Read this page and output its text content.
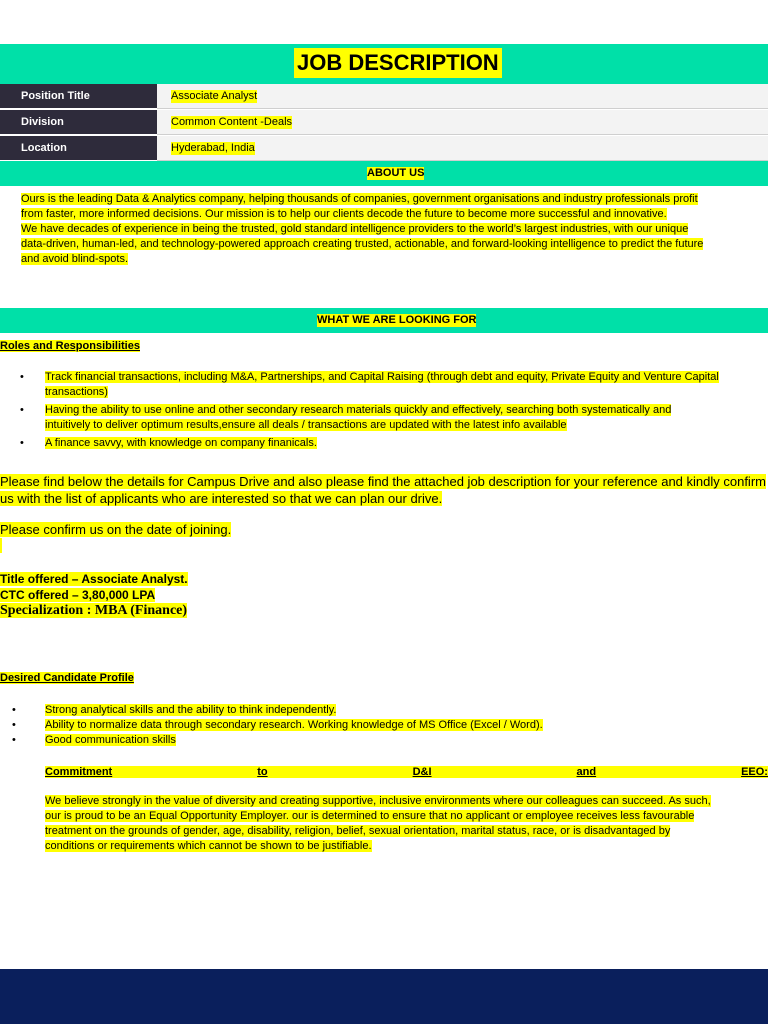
JOB DESCRIPTION
Position Title	Associate Analyst
Division	Common Content -Deals
Location	Hyderabad, India
ABOUT US
Ours is the leading Data & Analytics company, helping thousands of companies, government organisations and industry professionals profit
from faster, more informed decisions. Our mission is to help our clients decode the future to become more successful and innovative.
We have decades of experience in being the trusted, gold standard intelligence providers to the world’s largest industries, with our unique
data-driven, human-led, and technology-powered approach creating trusted, actionable, and forward-looking intelligence to predict the future
and avoid blind-spots.
WHAT WE ARE LOOKING FOR
Roles and Responsibilities
• Track financial transactions, including M&A, Partnerships, and Capital Raising (through debt and equity, Private Equity and Venture Capital
transactions)
• Having the ability to use online and other secondary research materials quickly and effectively, searching both systematically and
intuitively to deliver optimum results,ensure all deals / transactions are updated with the latest info available
• A finance savvy, with knowledge on company finanicals.
Please find below the details for Campus Drive and also please find the attached job description for your reference and kindly confirm
us with the list of applicants who are interested so that we can plan our drive.
Please confirm us on the date of joining.
Title offered – Associate Analyst.
CTC offered – 3,80,000 LPA
Specialization : MBA (Finance)
Desired Candidate Profile
•	Strong analytical skills and the ability to think independently.
•	Ability to normalize data through secondary research. Working knowledge of MS Office (Excel / Word).
•	Good communication skills
Commitment	to	D&I	and	EEO:
We believe strongly in the value of diversity and creating supportive, inclusive environments where our colleagues can succeed. As such,
our is proud to be an Equal Opportunity Employer. our is determined to ensure that no applicant or employee receives less favourable
treatment on the grounds of gender, age, disability, religion, belief, sexual orientation, marital status, race, or is disadvantaged by
conditions or requirements which cannot be shown to be justifiable.
